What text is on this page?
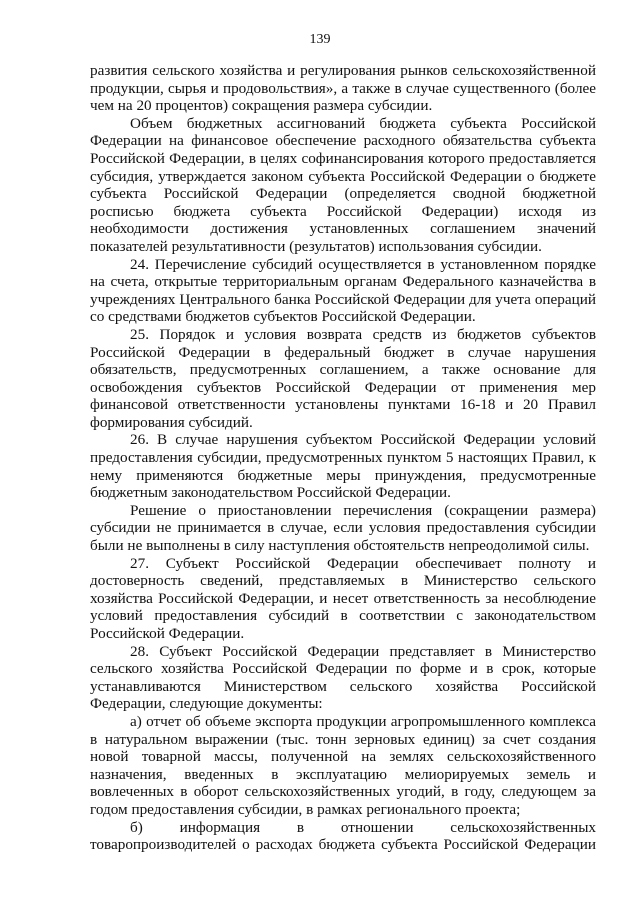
139

развития сельского хозяйства и регулирования рынков сельскохозяйственной продукции, сырья и продовольствия», а также в случае существенного (более чем на 20 процентов) сокращения размера субсидии.

Объем бюджетных ассигнований бюджета субъекта Российской Федерации на финансовое обеспечение расходного обязательства субъекта Российской Федерации, в целях софинансирования которого предоставляется субсидия, утверждается законом субъекта Российской Федерации о бюджете субъекта Российской Федерации (определяется сводной бюджетной росписью бюджета субъекта Российской Федерации) исходя из необходимости достижения установленных соглашением значений показателей результативности (результатов) использования субсидии.

24. Перечисление субсидий осуществляется в установленном порядке на счета, открытые территориальным органам Федерального казначейства в учреждениях Центрального банка Российской Федерации для учета операций со средствами бюджетов субъектов Российской Федерации.

25. Порядок и условия возврата средств из бюджетов субъектов Российской Федерации в федеральный бюджет в случае нарушения обязательств, предусмотренных соглашением, а также основание для освобождения субъектов Российской Федерации от применения мер финансовой ответственности установлены пунктами 16-18 и 20 Правил формирования субсидий.

26. В случае нарушения субъектом Российской Федерации условий предоставления субсидии, предусмотренных пунктом 5 настоящих Правил, к нему применяются бюджетные меры принуждения, предусмотренные бюджетным законодательством Российской Федерации.

Решение о приостановлении перечисления (сокращении размера) субсидии не принимается в случае, если условия предоставления субсидии были не выполнены в силу наступления обстоятельств непреодолимой силы.

27. Субъект Российской Федерации обеспечивает полноту и достоверность сведений, представляемых в Министерство сельского хозяйства Российской Федерации, и несет ответственность за несоблюдение условий предоставления субсидий в соответствии с законодательством Российской Федерации.

28. Субъект Российской Федерации представляет в Министерство сельского хозяйства Российской Федерации по форме и в срок, которые устанавливаются Министерством сельского хозяйства Российской Федерации, следующие документы:

а) отчет об объеме экспорта продукции агропромышленного комплекса в натуральном выражении (тыс. тонн зерновых единиц) за счет создания новой товарной массы, полученной на землях сельскохозяйственного назначения, введенных в эксплуатацию мелиорируемых земель и вовлеченных в оборот сельскохозяйственных угодий, в году, следующем за годом предоставления субсидии, в рамках регионального проекта;

б) информация в отношении сельскохозяйственных товаропроизводителей о расходах бюджета субъекта Российской Федерации
